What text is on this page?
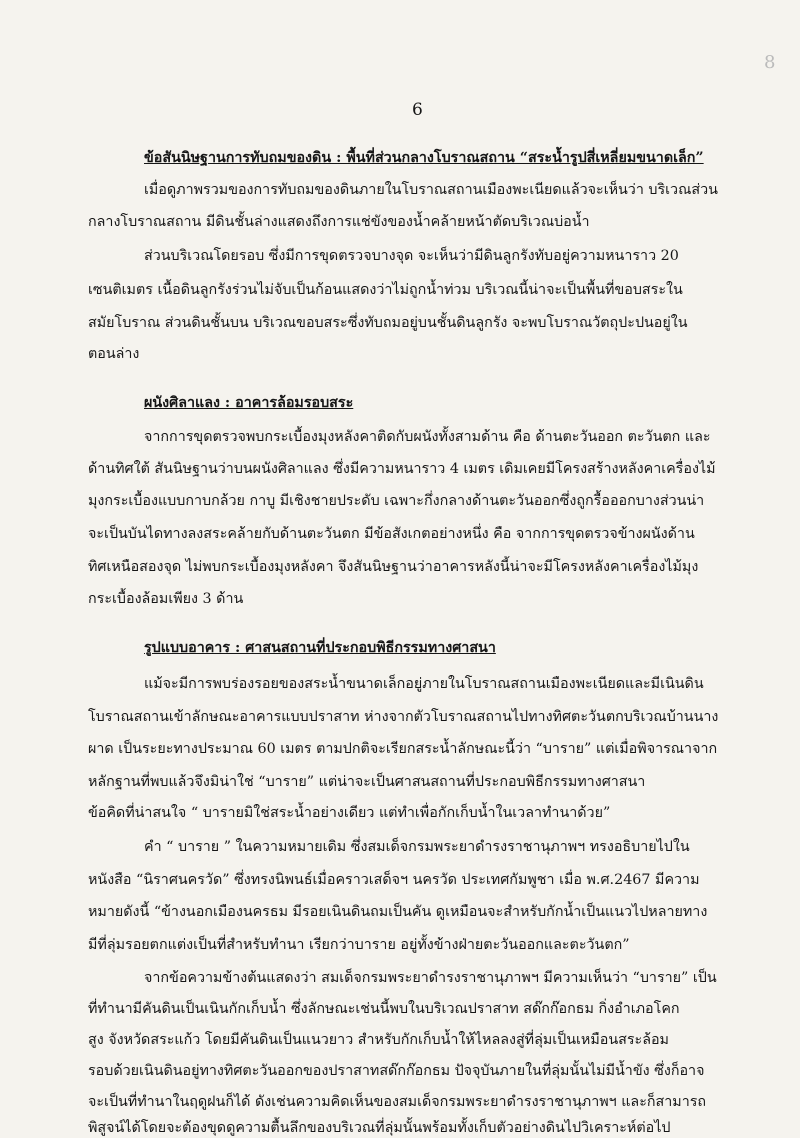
8
6
ข้อสันนิษฐานการทับถมของดิน : พื้นที่ส่วนกลางโบราณสถาน “สระน้ำรูปสี่เหลี่ยมขนาดเล็ก”
เมื่อดูภาพรวมของการทับถมของดินภายในโบราณสถานเมืองพะเนียดแล้วจะเห็นว่า บริเวณส่วน
กลางโบราณสถาน มีดินชั้นล่างแสดงถึงการแช่ขังของน้ำคล้ายหน้าตัดบริเวณบ่อน้ำ
ส่วนบริเวณโดยรอบ ซึ่งมีการขุดตรวจบางจุด จะเห็นว่ามีดินลูกรังทับอยู่ความหนาราว 20
เซนติเมตร เนื้อดินลูกรังร่วนไม่จับเป็นก้อนแสดงว่าไม่ถูกน้ำท่วม บริเวณนี้น่าจะเป็นพื้นที่ขอบสระใน
สมัยโบราณ ส่วนดินชั้นบน บริเวณขอบสระซึ่งทับถมอยู่บนชั้นดินลูกรัง จะพบโบราณวัตถุปะปนอยู่ใน
ตอนล่าง
ผนังศิลาแลง : อาคารล้อมรอบสระ
จากการขุดตรวจพบกระเบื้องมุงหลังคาติดกับผนังทั้งสามด้าน คือ ด้านตะวันออก ตะวันตก และ
ด้านทิศใต้ สันนิษฐานว่าบนผนังศิลาแลง ซึ่งมีความหนาราว 4 เมตร เดิมเคยมีโครงสร้างหลังคาเครื่องไม้
มุงกระเบื้องแบบกาบกล้วย กาบู มีเชิงชายประดับ เฉพาะกึ่งกลางด้านตะวันออกซึ่งถูกรื้อออกบางส่วนน่า
จะเป็นบันไดทางลงสระคล้ายกับด้านตะวันตก มีข้อสังเกตอย่างหนึ่ง คือ จากการขุดตรวจข้างผนังด้าน
ทิศเหนือสองจุด ไม่พบกระเบื้องมุงหลังคา จึงสันนิษฐานว่าอาคารหลังนี้น่าจะมีโครงหลังคาเครื่องไม้มุง
กระเบื้องล้อมเพียง 3 ด้าน
รูปแบบอาคาร : ศาสนสถานที่ประกอบพิธีกรรมทางศาสนา
แม้จะมีการพบร่องรอยของสระน้ำขนาดเล็กอยู่ภายในโบราณสถานเมืองพะเนียดและมีเนินดิน
โบราณสถานเข้าลักษณะอาคารแบบปราสาท ห่างจากตัวโบราณสถานไปทางทิศตะวันตกบริเวณบ้านนาง
ผาด เป็นระยะทางประมาณ 60 เมตร ตามปกติจะเรียกสระน้ำลักษณะนี้ว่า “บาราย” แต่เมื่อพิจารณาจาก
หลักฐานที่พบแล้วจึงมิน่าใช่ “บาราย” แต่น่าจะเป็นศาสนสถานที่ประกอบพิธีกรรมทางศาสนา
ข้อคิดที่น่าสนใจ “ บารายมิใช่สระน้ำอย่างเดียว แต่ทำเพื่อกักเก็บน้ำในเวลาทำนาด้วย”
คำ “ บาราย ” ในความหมายเดิม ซึ่งสมเด็จกรมพระยาดำรงราชานุภาพฯ ทรงอธิบายไปใน
หนังสือ “นิราศนครวัด” ซึ่งทรงนิพนธ์เมื่อคราวเสด็จฯ นครวัด ประเทศกัมพูชา เมื่อ พ.ศ.2467 มีความ
หมายดังนี้ “ข้างนอกเมืองนครธม มีรอยเนินดินถมเป็นคัน ดูเหมือนจะสำหรับกักน้ำเป็นแนวไปหลายทาง
มีที่ลุ่มรอยตกแต่งเป็นที่สำหรับทำนา เรียกว่าบาราย อยู่ทั้งข้างฝ่ายตะวันออกและตะวันตก”
จากข้อความข้างต้นแสดงว่า สมเด็จกรมพระยาดำรงราชานุภาพฯ มีความเห็นว่า “บาราย” เป็น
ที่ทำนามีคันดินเป็นเนินกักเก็บน้ำ ซึ่งลักษณะเช่นนี้พบในบริเวณปราสาท สด๊กก๊อกธม กิ่งอำเภอโคก
สูง จังหวัดสระแก้ว โดยมีคันดินเป็นแนวยาว สำหรับกักเก็บน้ำให้ไหลลงสู่ที่ลุ่มเป็นเหมือนสระล้อม
รอบด้วยเนินดินอยู่ทางทิศตะวันออกของปราสาทสด๊กก๊อกธม ปัจจุบันภายในที่ลุ่มนั้นไม่มีน้ำขัง ซึ่งก็อาจ
จะเป็นที่ทำนาในฤดูฝนก็ได้ ดังเช่นความคิดเห็นของสมเด็จกรมพระยาดำรงราชานุภาพฯ และก็สามารถ
พิสูจน์ได้โดยจะต้องขุดดูความตื้นลึกของบริเวณที่ลุ่มนั้นพร้อมทั้งเก็บตัวอย่างดินไปวิเคราะห์ต่อไป
